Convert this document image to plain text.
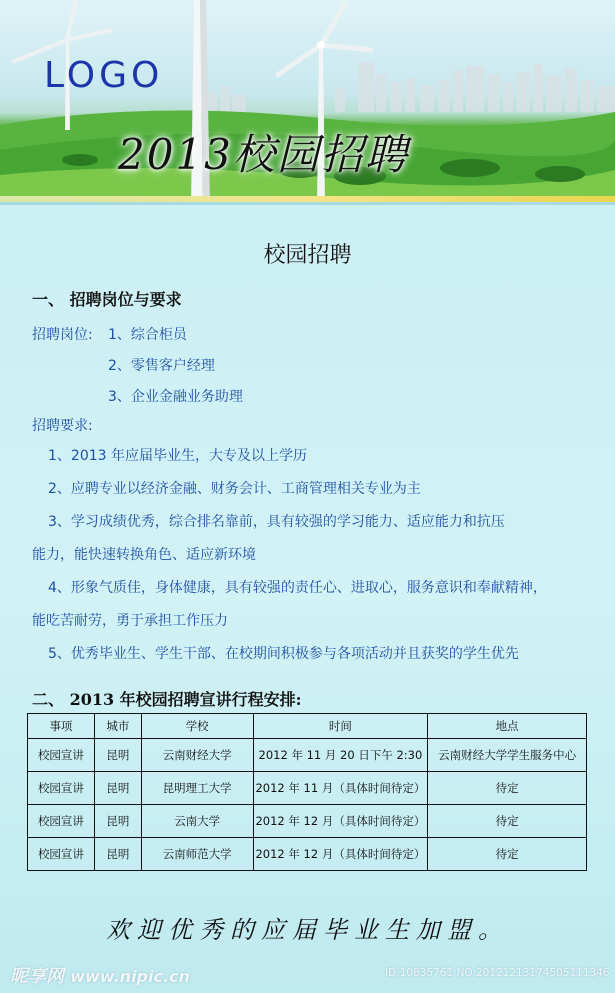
LOGO
2013校园招聘
校园招聘
一、 招聘岗位与要求
招聘岗位: 1、综合柜员
2、零售客户经理
3、企业金融业务助理
招聘要求:
1、2013 年应届毕业生，大专及以上学历
2、应聘专业以经济金融、财务会计、工商管理相关专业为主
3、学习成绩优秀，综合排名靠前，具有较强的学习能力、适应能力和抗压
能力，能快速转换角色、适应新环境
4、形象气质佳，身体健康，具有较强的责任心、进取心，服务意识和奉献精神，
能吃苦耐劳，勇于承担工作压力
5、优秀毕业生、学生干部、在校期间积极参与各项活动并且获奖的学生优先
二、 2013 年校园招聘宣讲行程安排:
事项	城市	学校	时间	地点
校园宣讲	昆明	云南财经大学	2012 年 11 月 20 日下午 2:30	云南财经大学学生服务中心
校园宣讲	昆明	昆明理工大学	2012 年 11 月（具体时间待定）	待定
校园宣讲	昆明	云南大学	2012 年 12 月（具体时间待定）	待定
校园宣讲	昆明	云南师范大学	2012 年 12 月（具体时间待定）	待定
欢迎优秀的应届毕业生加盟。
昵享网 www.nipic.cn	ID:10835761 NO:20121213174505111346
